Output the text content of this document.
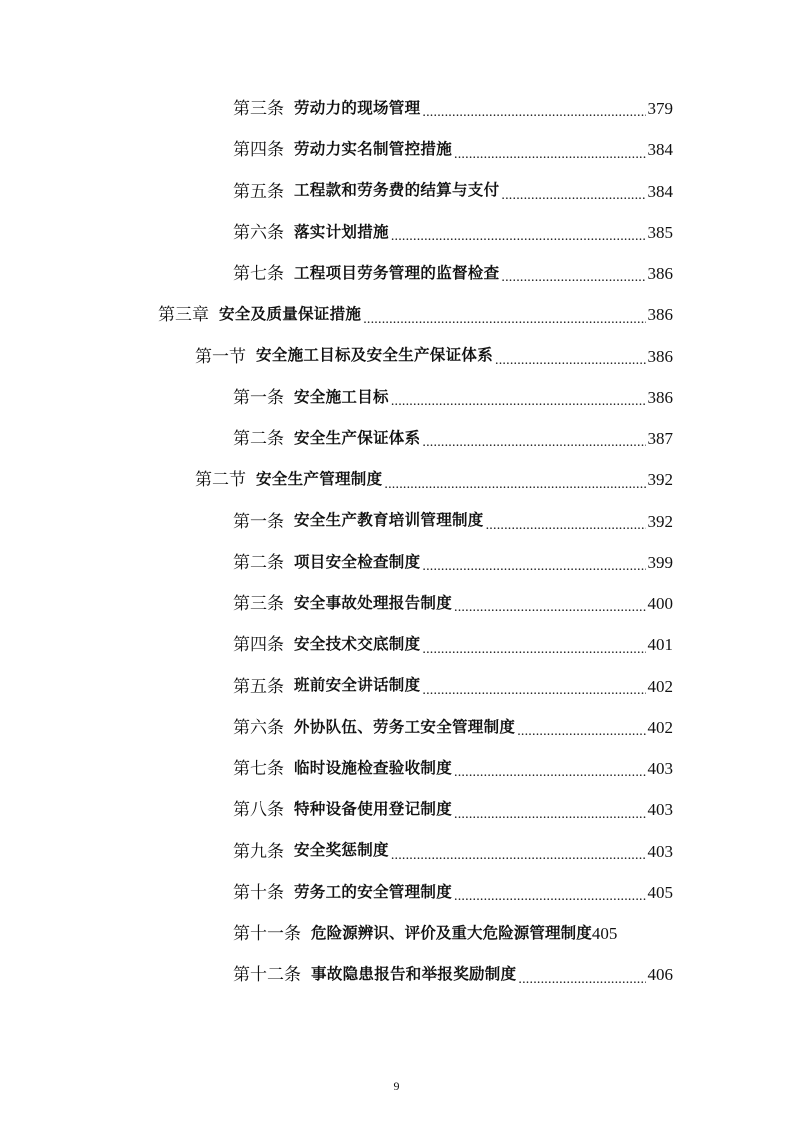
第三条 劳动力的现场管理 .....	379
第四条 劳动力实名制管控措施 .....	384
第五条 工程款和劳务费的结算与支付 .....	384
第六条 落实计划措施 .....	385
第七条 工程项目劳务管理的监督检查 .....	386
第三章 安全及质量保证措施 .....	386
第一节 安全施工目标及安全生产保证体系 .....	386
第一条 安全施工目标 .....	386
第二条 安全生产保证体系 .....	387
第二节 安全生产管理制度 .....	392
第一条 安全生产教育培训管理制度 .....	392
第二条 项目安全检查制度 .....	399
第三条 安全事故处理报告制度 .....	400
第四条 安全技术交底制度 .....	401
第五条 班前安全讲话制度 .....	402
第六条 外协队伍、劳务工安全管理制度 .....	402
第七条 临时设施检查验收制度 .....	403
第八条 特种设备使用登记制度 .....	403
第九条 安全奖惩制度 .....	403
第十条 劳务工的安全管理制度 .....	405
第十一条 危险源辨识、评价及重大危险源管理制度 405
第十二条 事故隐患报告和举报奖励制度 .....	406
9
